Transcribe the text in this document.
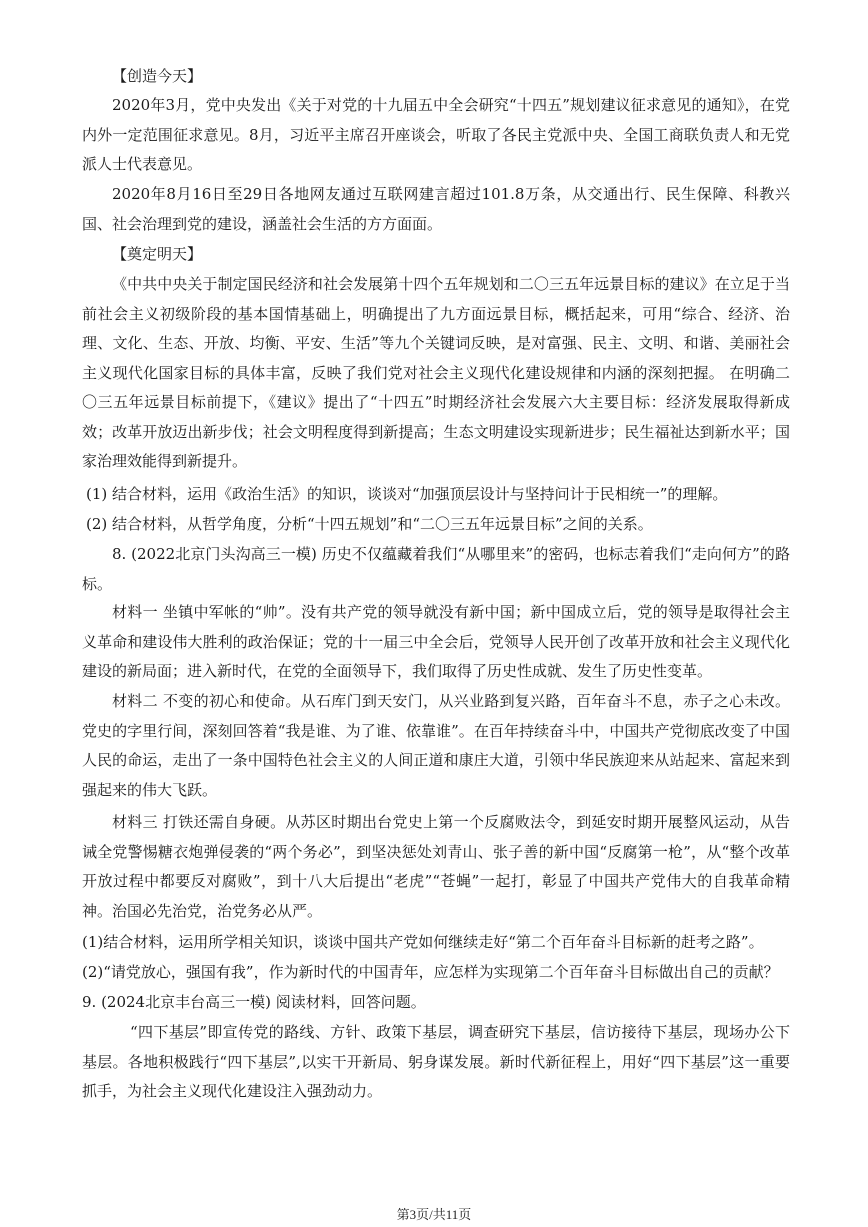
【创造今天】

2020年3月，党中央发出《关于对党的十九届五中全会研究“十四五”规划建议征求意见的通知》，在党内外一定范围征求意见。8月，习近平主席召开座谈会，听取了各民主党派中央、全国工商联负责人和无党派人士代表意见。

2020年8月16日至29日各地网友通过互联网建言超过101.8万条，从交通出行、民生保障、科教兴国、社会治理到党的建设，涵盖社会生活的方方面面。

【奠定明天】

《中共中央关于制定国民经济和社会发展第十四个五年规划和二〇三五年远景目标的建议》在立足于当前社会主义初级阶段的基本国情基础上，明确提出了九方面远景目标，概括起来，可用“综合、经济、治理、文化、生态、开放、均衡、平安、生活”等九个关键词反映，是对富强、民主、文明、和谐、美丽社会主义现代化国家目标的具体丰富，反映了我们党对社会主义现代化建设规律和内涵的深刻把握。 在明确二〇三五年远景目标前提下，《建议》提出了“十四五”时期经济社会发展六大主要目标：经济发展取得新成效；改革开放迈出新步伐；社会文明程度得到新提高；生态文明建设实现新进步；民生福祉达到新水平；国家治理效能得到新提升。

(1) 结合材料，运用《政治生活》的知识，谈谈对“加强顶层设计与坚持问计于民相统一”的理解。

(2) 结合材料，从哲学角度，分析“十四五规划”和“二〇三五年远景目标”之间的关系。

8. (2022北京门头沟高三一模) 历史不仅蕴藏着我们“从哪里来”的密码，也标志着我们“走向何方”的路标。

材料一 坐镇中军帐的“帅”。没有共产党的领导就没有新中国；新中国成立后，党的领导是取得社会主义革命和建设伟大胜利的政治保证；党的十一届三中全会后，党领导人民开创了改革开放和社会主义现代化建设的新局面；进入新时代，在党的全面领导下，我们取得了历史性成就、发生了历史性变革。

材料二 不变的初心和使命。从石库门到天安门，从兴业路到复兴路，百年奋斗不息，赤子之心未改。党史的字里行间，深刻回答着“我是谁、为了谁、依靠谁”。在百年持续奋斗中，中国共产党彻底改变了中国人民的命运，走出了一条中国特色社会主义的人间正道和康庄大道，引领中华民族迎来从站起来、富起来到强起来的伟大飞跃。

材料三 打铁还需自身硬。从苏区时期出台党史上第一个反腐败法令，到延安时期开展整风运动，从告诫全党警惕糖衣炮弹侵袭的“两个务必”，到坚决惩处刘青山、张子善的新中国“反腐第一枪”，从“整个改革开放过程中都要反对腐败”，到十八大后提出“老虎”“苍蝇”一起打，彰显了中国共产党伟大的自我革命精神。治国必先治党，治党务必从严。

(1)结合材料，运用所学相关知识，谈谈中国共产党如何继续走好“第二个百年奋斗目标新的赶考之路”。

(2)“请党放心，强国有我”，作为新时代的中国青年，应怎样为实现第二个百年奋斗目标做出自己的贡献？

9. (2024北京丰台高三一模) 阅读材料，回答问题。

“四下基层”即宣传党的路线、方针、政策下基层，调查研究下基层，信访接待下基层，现场办公下基层。各地积极践行“四下基层”,以实干开新局、躬身谋发展。新时代新征程上，用好“四下基层”这一重要抓手，为社会主义现代化建设注入强劲动力。

第3页/共11页
